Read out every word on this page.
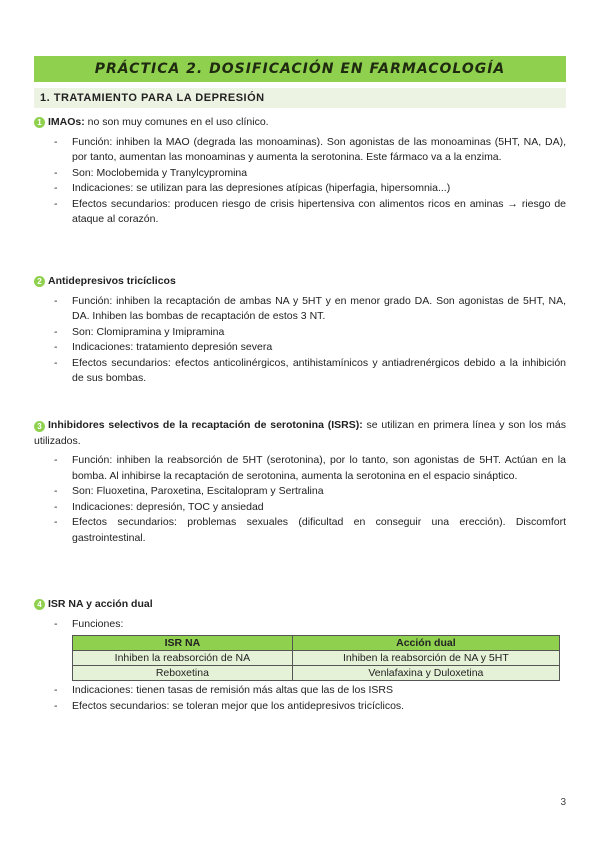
PRÁCTICA 2. DOSIFICACIÓN EN FARMACOLOGÍA
1. TRATAMIENTO PARA LA DEPRESIÓN
1 IMAOs: no son muy comunes en el uso clínico.
- Función: inhiben la MAO (degrada las monoaminas). Son agonistas de las monoaminas (5HT, NA, DA), por tanto, aumentan las monoaminas y aumenta la serotonina. Este fármaco va a la enzima.
- Son: Moclobemida y Tranylcypromina
- Indicaciones: se utilizan para las depresiones atípicas (hiperfagia, hipersomnia...)
- Efectos secundarios: producen riesgo de crisis hipertensiva con alimentos ricos en aminas → riesgo de ataque al corazón.
2 Antidepresivos tricíclicos
- Función: inhiben la recaptación de ambas NA y 5HT y en menor grado DA. Son agonistas de 5HT, NA, DA. Inhiben las bombas de recaptación de estos 3 NT.
- Son: Clomipramina y Imipramina
- Indicaciones: tratamiento depresión severa
- Efectos secundarios: efectos anticolinérgicos, antihistamínicos y antiadrenérgicos debido a la inhibición de sus bombas.
3 Inhibidores selectivos de la recaptación de serotonina (ISRS): se utilizan en primera línea y son los más utilizados.
- Función: inhiben la reabsorción de 5HT (serotonina), por lo tanto, son agonistas de 5HT. Actúan en la bomba. Al inhibirse la recaptación de serotonina, aumenta la serotonina en el espacio sináptico.
- Son: Fluoxetina, Paroxetina, Escitalopram y Sertralina
- Indicaciones: depresión, TOC y ansiedad
- Efectos secundarios: problemas sexuales (dificultad en conseguir una erección). Discomfort gastrointestinal.
4 ISR NA y acción dual
- Funciones:
ISR NA	Acción dual
Inhiben la reabsorción de NA	Inhiben la reabsorción de NA y 5HT
Reboxetina	Venlafaxina y Duloxetina
- Indicaciones: tienen tasas de remisión más altas que las de los ISRS
- Efectos secundarios: se toleran mejor que los antidepresivos tricíclicos.
3
